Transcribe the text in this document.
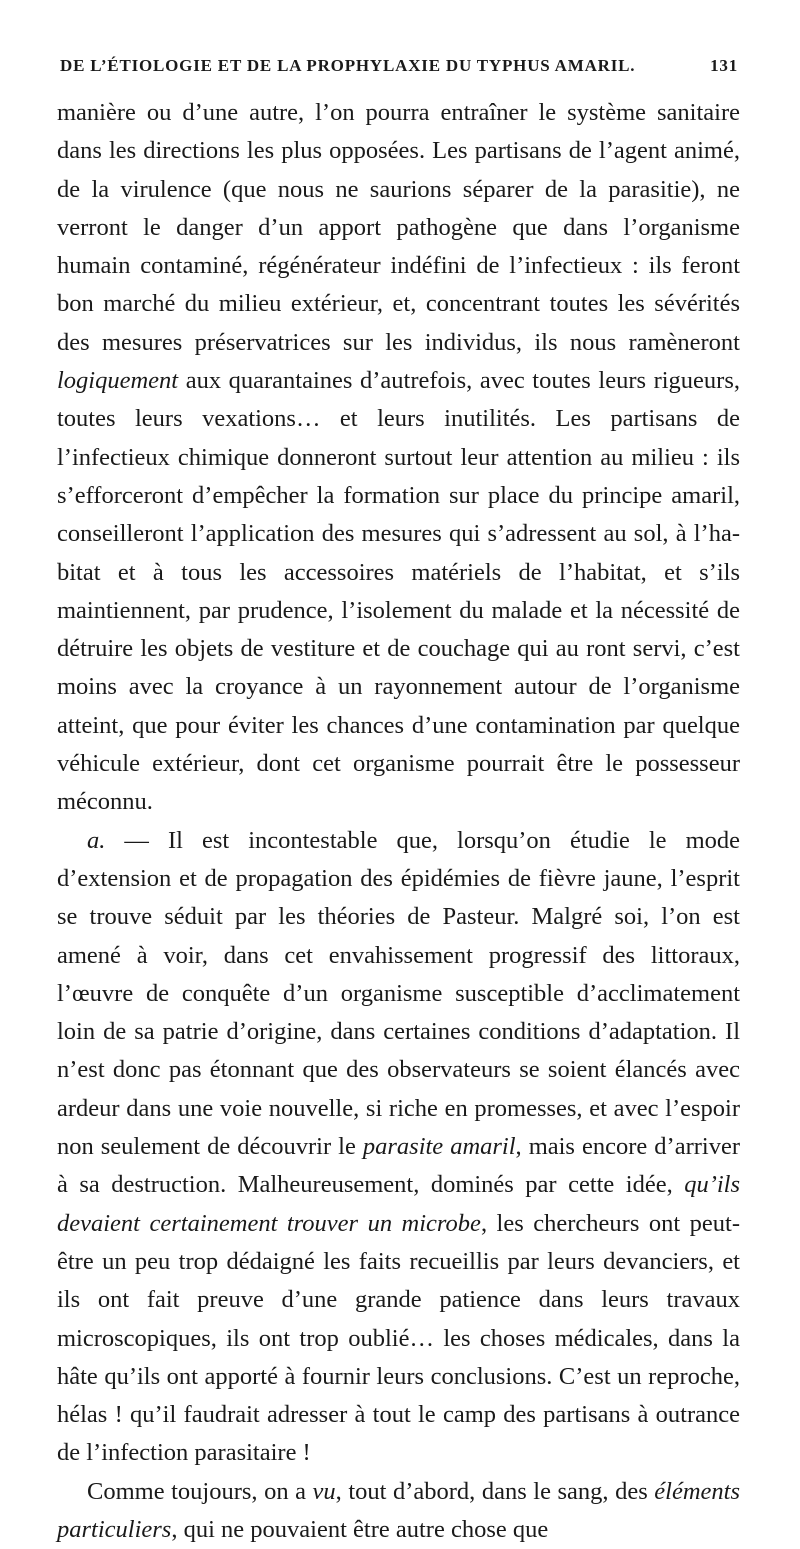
DE L’ÉTIOLOGIE ET DE LA PROPHYLAXIE DU TYPHUS AMARIL.	131

manière ou d’une autre, l’on pourra entraîner le système sanitaire dans les directions les plus opposées. Les partisans de l’agent animé, de la virulence (que nous ne saurions séparer de la parasitie), ne verront le danger d’un apport pathogène que dans l’organisme humain contaminé, régénérateur indéfini de l’infectieux : ils feront bon marché du milieu extérieur, et, concentrant toutes les sévérités des mesures préservatrices sur les individus, ils nous ramèneront logiquement aux quarantaines d’autrefois, avec toutes leurs rigueurs, toutes leurs vexations… et leurs inutilités. Les partisans de l’infectieux chimique donneront surtout leur attention au milieu : ils s’efforceront d’empêcher la formation sur place du principe amaril, conseilleront l’application des mesures qui s’adressent au sol, à l’habitat et à tous les accessoires matériels de l’habitat, et s’ils maintiennent, par prudence, l’isolement du malade et la nécessité de détruire les objets de vestiture et de couchage qui au ront servi, c’est moins avec la croyance à un rayonnement autour de l’organisme atteint, que pour éviter les chances d’une contamination par quelque véhicule extérieur, dont cet organisme pourrait être le possesseur méconnu.

a. — Il est incontestable que, lorsqu’on étudie le mode d’extension et de propagation des épidémies de fièvre jaune, l’esprit se trouve séduit par les théories de Pasteur. Malgré soi, l’on est amené à voir, dans cet envahissement progressif des littoraux, l’œuvre de conquête d’un organisme susceptible d’acclimatement loin de sa patrie d’origine, dans certaines conditions d’adaptation. Il n’est donc pas étonnant que des observateurs se soient élancés avec ardeur dans une voie nouvelle, si riche en promesses, et avec l’espoir non seulement de découvrir le parasite amaril, mais encore d’arriver à sa destruction. Malheureusement, dominés par cette idée, qu’ils devaient certainement trouver un microbe, les chercheurs ont peut-être un peu trop dédaigné les faits recueillis par leurs devanciers, et ils ont fait preuve d’une grande patience dans leurs travaux microscopiques, ils ont trop oublié… les choses médicales, dans la hâte qu’ils ont apporté à fournir leurs conclusions. C’est un reproche, hélas ! qu’il faudrait adresser à tout le camp des partisans à outrance de l’infection parasitaire !

Comme toujours, on a vu, tout d’abord, dans le sang, des éléments particuliers, qui ne pouvaient être autre chose que
